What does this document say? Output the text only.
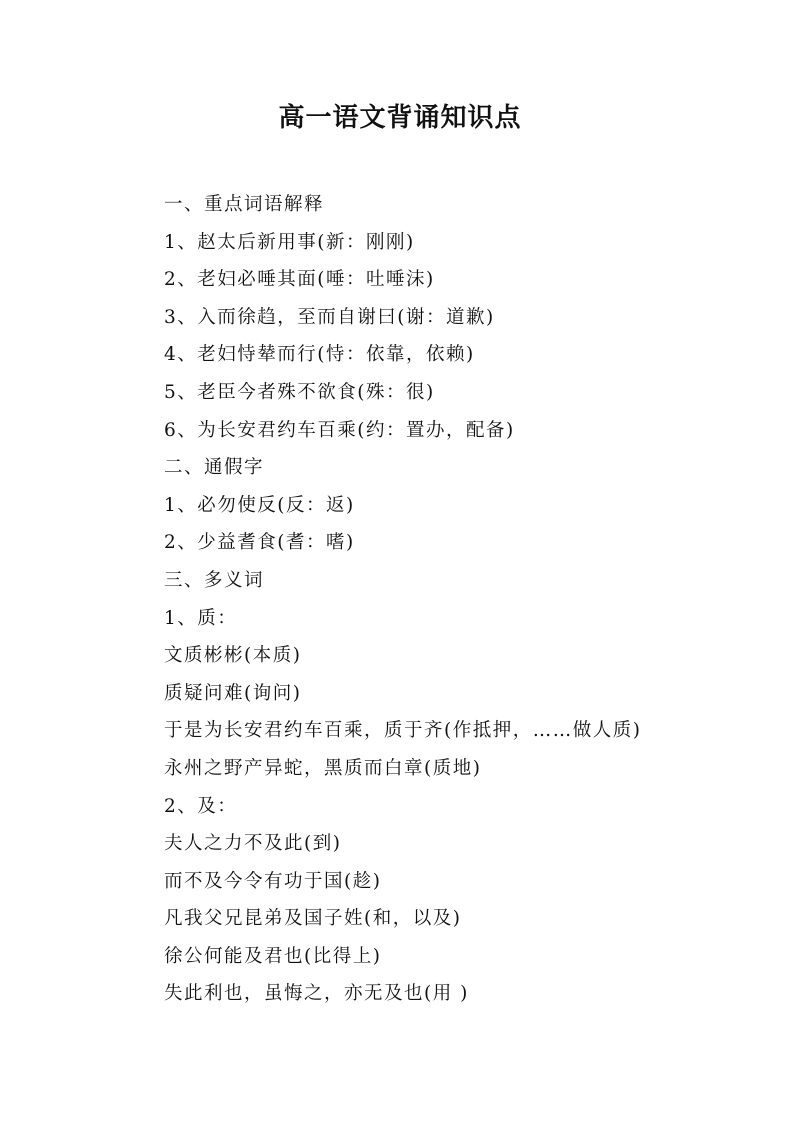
高一语文背诵知识点
一、重点词语解释
1、赵太后新用事(新：刚刚)
2、老妇必唾其面(唾：吐唾沫)
3、入而徐趋，至而自谢曰(谢：道歉)
4、老妇恃辇而行(恃：依靠，依赖)
5、老臣今者殊不欲食(殊：很)
6、为长安君约车百乘(约：置办，配备)
二、通假字
1、必勿使反(反：返)
2、少益耆食(耆：嗜)
三、多义词
1、质：
文质彬彬(本质)
质疑问难(询问)
于是为长安君约车百乘，质于齐(作抵押，……做人质)
永州之野产异蛇，黑质而白章(质地)
2、及：
夫人之力不及此(到)
而不及今令有功于国(趁)
凡我父兄昆弟及国子姓(和，以及)
徐公何能及君也(比得上)
失此利也，虽悔之，亦无及也(用 )
